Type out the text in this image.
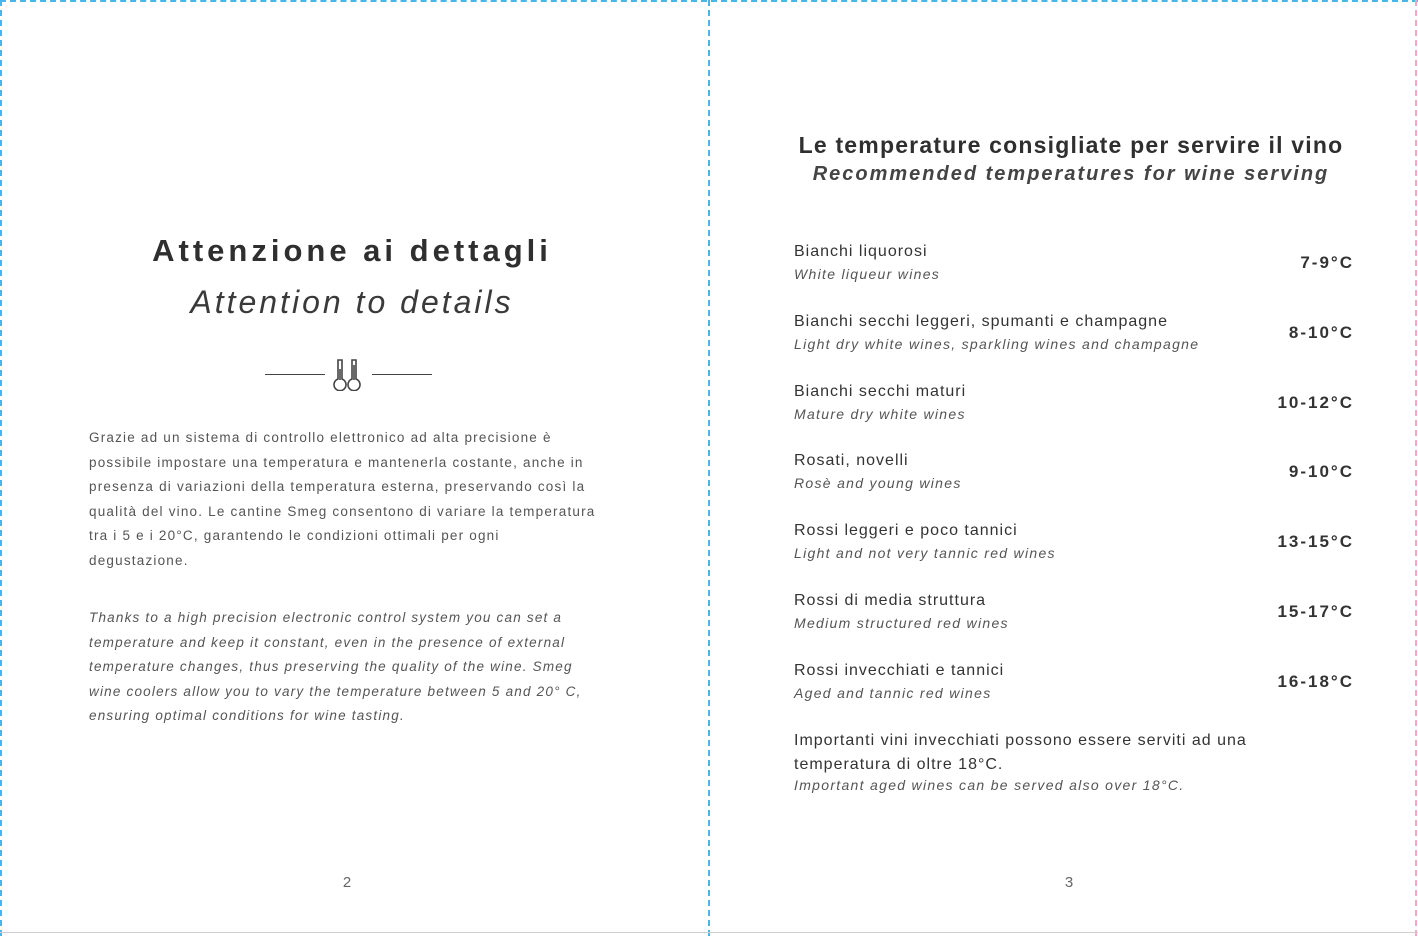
Attenzione ai dettagli
Attention to details

Grazie ad un sistema di controllo elettronico ad alta precisione è possibile impostare una temperatura e mantenerla costante, anche in presenza di variazioni della temperatura esterna, preservando così la qualità del vino. Le cantine Smeg consentono di variare la temperatura tra i 5 e i 20°C, garantendo le condizioni ottimali per ogni degustazione.

Thanks to a high precision electronic control system you can set a temperature and keep it constant, even in the presence of external temperature changes, thus preserving the quality of the wine. Smeg wine coolers allow you to vary the temperature between 5 and 20° C, ensuring optimal conditions for wine tasting.

2

Le temperature consigliate per servire il vino
Recommended temperatures for wine serving

Bianchi liquorosi

White liqueur wines

7-9°C

Bianchi secchi leggeri, spumanti e champagne

Light dry white wines, sparkling wines and champagne

8-10°C

Bianchi secchi maturi

Mature dry white wines

10-12°C

Rosati, novelli

Rosè and young wines

9-10°C

Rossi leggeri e poco tannici

Light and not very tannic red wines

13-15°C

Rossi di media struttura

Medium structured red wines

15-17°C

Rossi invecchiati e tannici

Aged and tannic red wines

16-18°C

Importanti vini invecchiati possono essere serviti ad una temperatura di oltre 18°C.

Important aged wines can be served also over 18°C.

3
